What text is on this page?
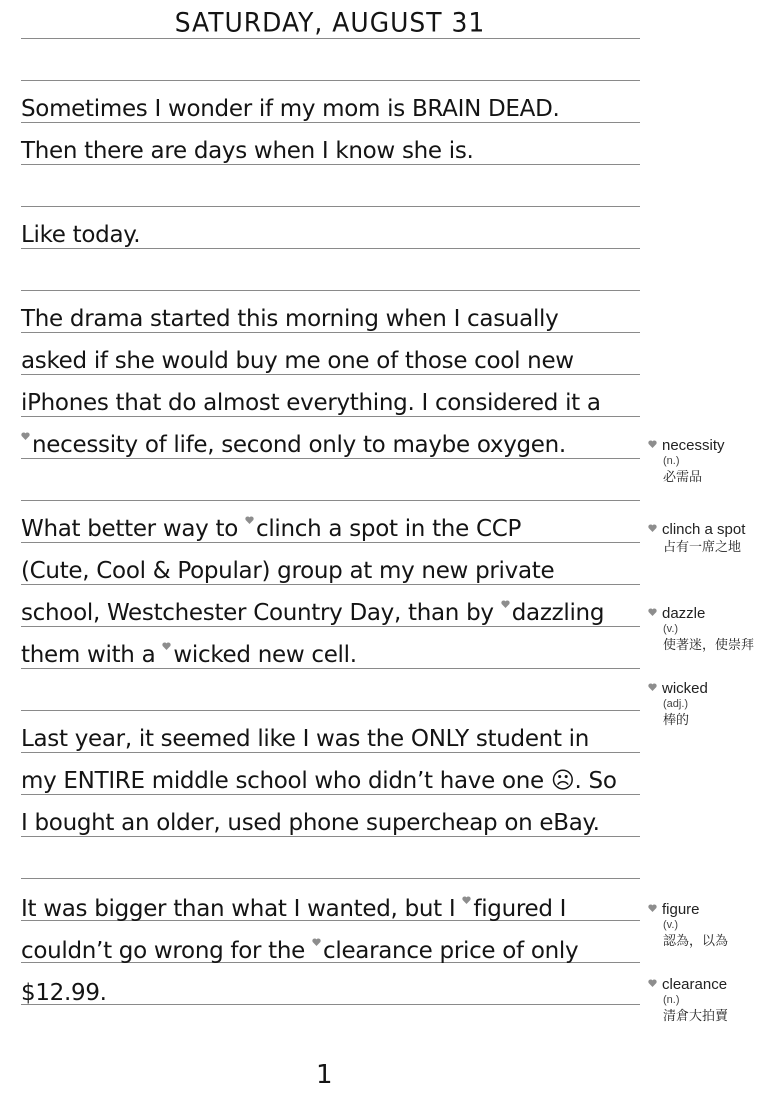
SATURDAY, AUGUST 31
Sometimes I wonder if my mom is BRAIN DEAD.
Then there are days when I know she is.
Like today.
The drama started this morning when I casually
asked if she would buy me one of those cool new
iPhones that do almost everything. I considered it a
necessity of life, second only to maybe oxygen.
What better way to clinch a spot in the CCP
(Cute, Cool & Popular) group at my new private
school, Westchester Country Day, than by dazzling
them with a wicked new cell.
Last year, it seemed like I was the ONLY student in
my ENTIRE middle school who didn’t have one ☹. So
I bought an older, used phone supercheap on eBay.
It was bigger than what I wanted, but I figured I
couldn’t go wrong for the clearance price of only
$12.99.
necessity
(n.)
必需品
clinch a spot
占有一席之地
dazzle
(v.)
使著迷，使崇拜
wicked
(adj.)
棒的
figure
(v.)
認為，以為
clearance
(n.)
清倉大拍賣
1
